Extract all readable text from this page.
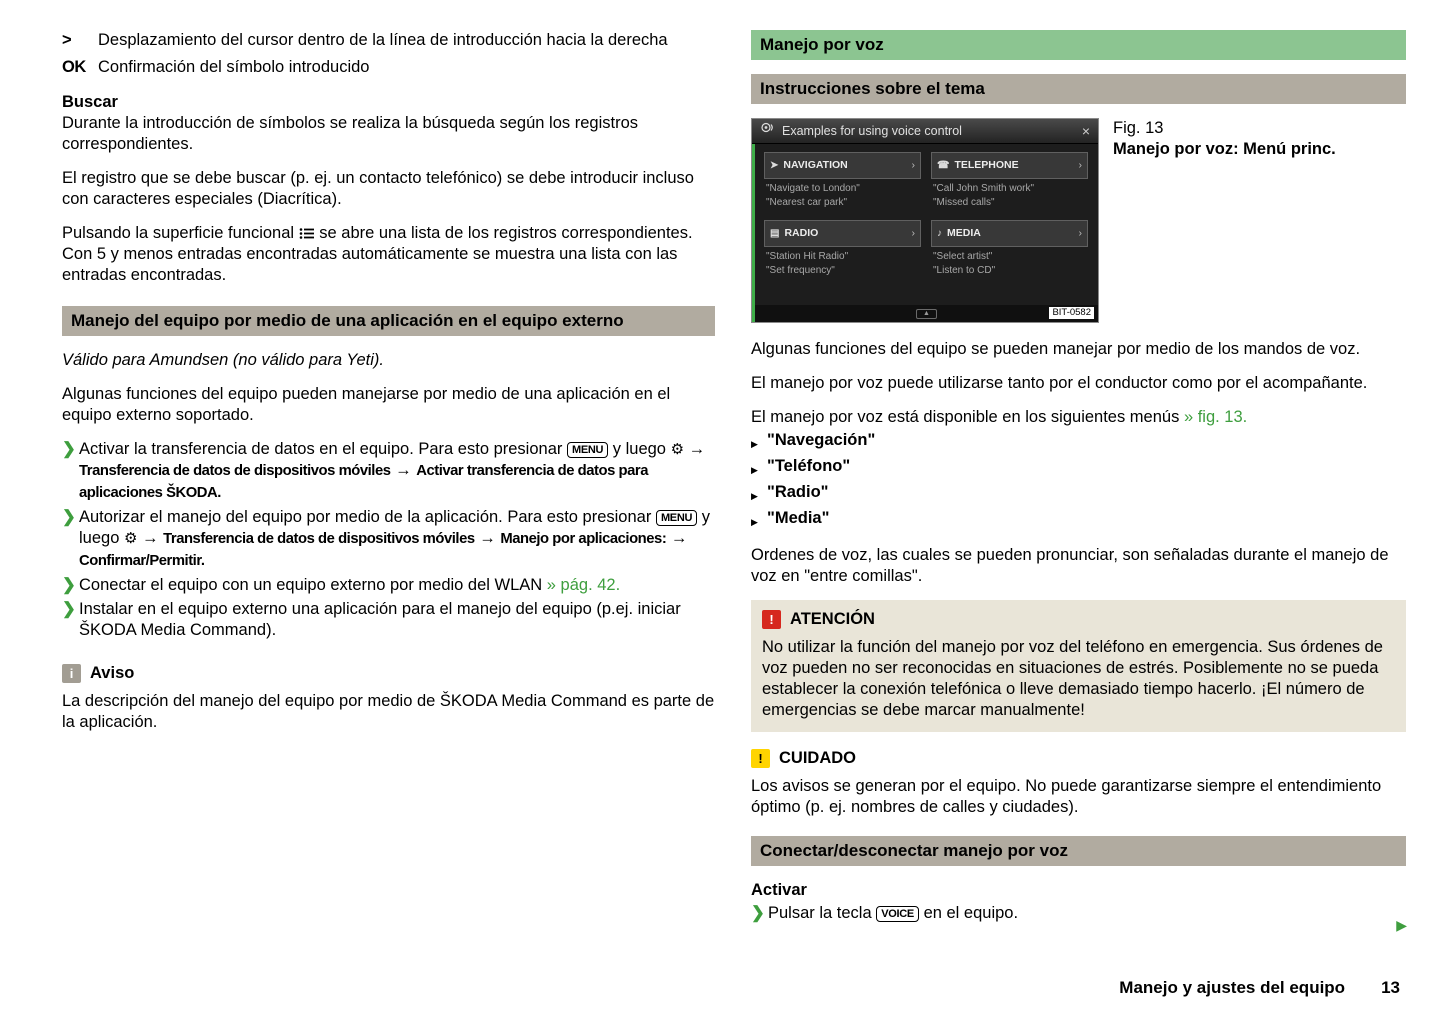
>	Desplazamiento del cursor dentro de la línea de introducción hacia la derecha
OK Confirmación del símbolo introducido

Buscar

Durante la introducción de símbolos se realiza la búsqueda según los registros correspondientes.

El registro que se debe buscar (p. ej. un contacto telefónico) se debe introducir incluso con caracteres especiales (Diacrítica).

Pulsando la superficie funcional se abre una lista de los registros correspondientes. Con 5 y menos entradas encontradas automáticamente se muestra una lista con las entradas encontradas.

Manejo del equipo por medio de una aplicación en el equipo externo

Válido para Amundsen (no válido para Yeti).

Algunas funciones del equipo pueden manejarse por medio de una aplicación en el equipo externo soportado.

❯ Activar la transferencia de datos en el equipo. Para esto presionar MENU y luego ⚙ → Transferencia de datos de dispositivos móviles → Activar transferencia de datos para aplicaciones ŠKODA.
❯ Autorizar el manejo del equipo por medio de la aplicación. Para esto presionar MENU y luego ⚙ → Transferencia de datos de dispositivos móviles → Manejo por aplicaciones: → Confirmar/Permitir.
❯ Conectar el equipo con un equipo externo por medio del WLAN » pág. 42.
❯ Instalar en el equipo externo una aplicación para el manejo del equipo (p.ej. iniciar ŠKODA Media Command).
i	Aviso

La descripción del manejo del equipo por medio de ŠKODA Media Command es parte de la aplicación.

Manejo por voz
Instrucciones sobre el tema
Examples for using voice control	×
➤ NAVIGATION	›
"Navigate to London"
"Nearest car park"
☎ TELEPHONE	›
"Call John Smith work"
"Missed calls"
▤ RADIO	›
"Station Hit Radio"
"Set frequency"
♪ MEDIA	›
"Select artist"
"Listen to CD"
▲	BIT-0582
Fig. 13
Manejo por voz: Menú princ.

Algunas funciones del equipo se pueden manejar por medio de los mandos de voz.

El manejo por voz puede utilizarse tanto por el conductor como por el acompañante.

El manejo por voz está disponible en los siguientes menús » fig. 13.

▶ "Navegación"
▶ "Teléfono"
▶ "Radio"
▶ "Media"

Ordenes de voz, las cuales se pueden pronunciar, son señaladas durante el manejo de voz en "entre comillas".

! ATENCIÓN

No utilizar la función del manejo por voz del teléfono en emergencia. Sus órdenes de voz pueden no ser reconocidas en situaciones de estrés. Posiblemente no se pueda establecer la conexión telefónica o lleve demasiado tiempo hacerlo. ¡El número de emergencias se debe marcar manualmente!

! CUIDADO

Los avisos se generan por el equipo. No puede garantizarse siempre el entendimiento óptimo (p. ej. nombres de calles y ciudades).

Conectar/desconectar manejo por voz

Activar

❯ Pulsar la tecla VOICE en el equipo.
▶
Manejo y ajustes del equipo 13
